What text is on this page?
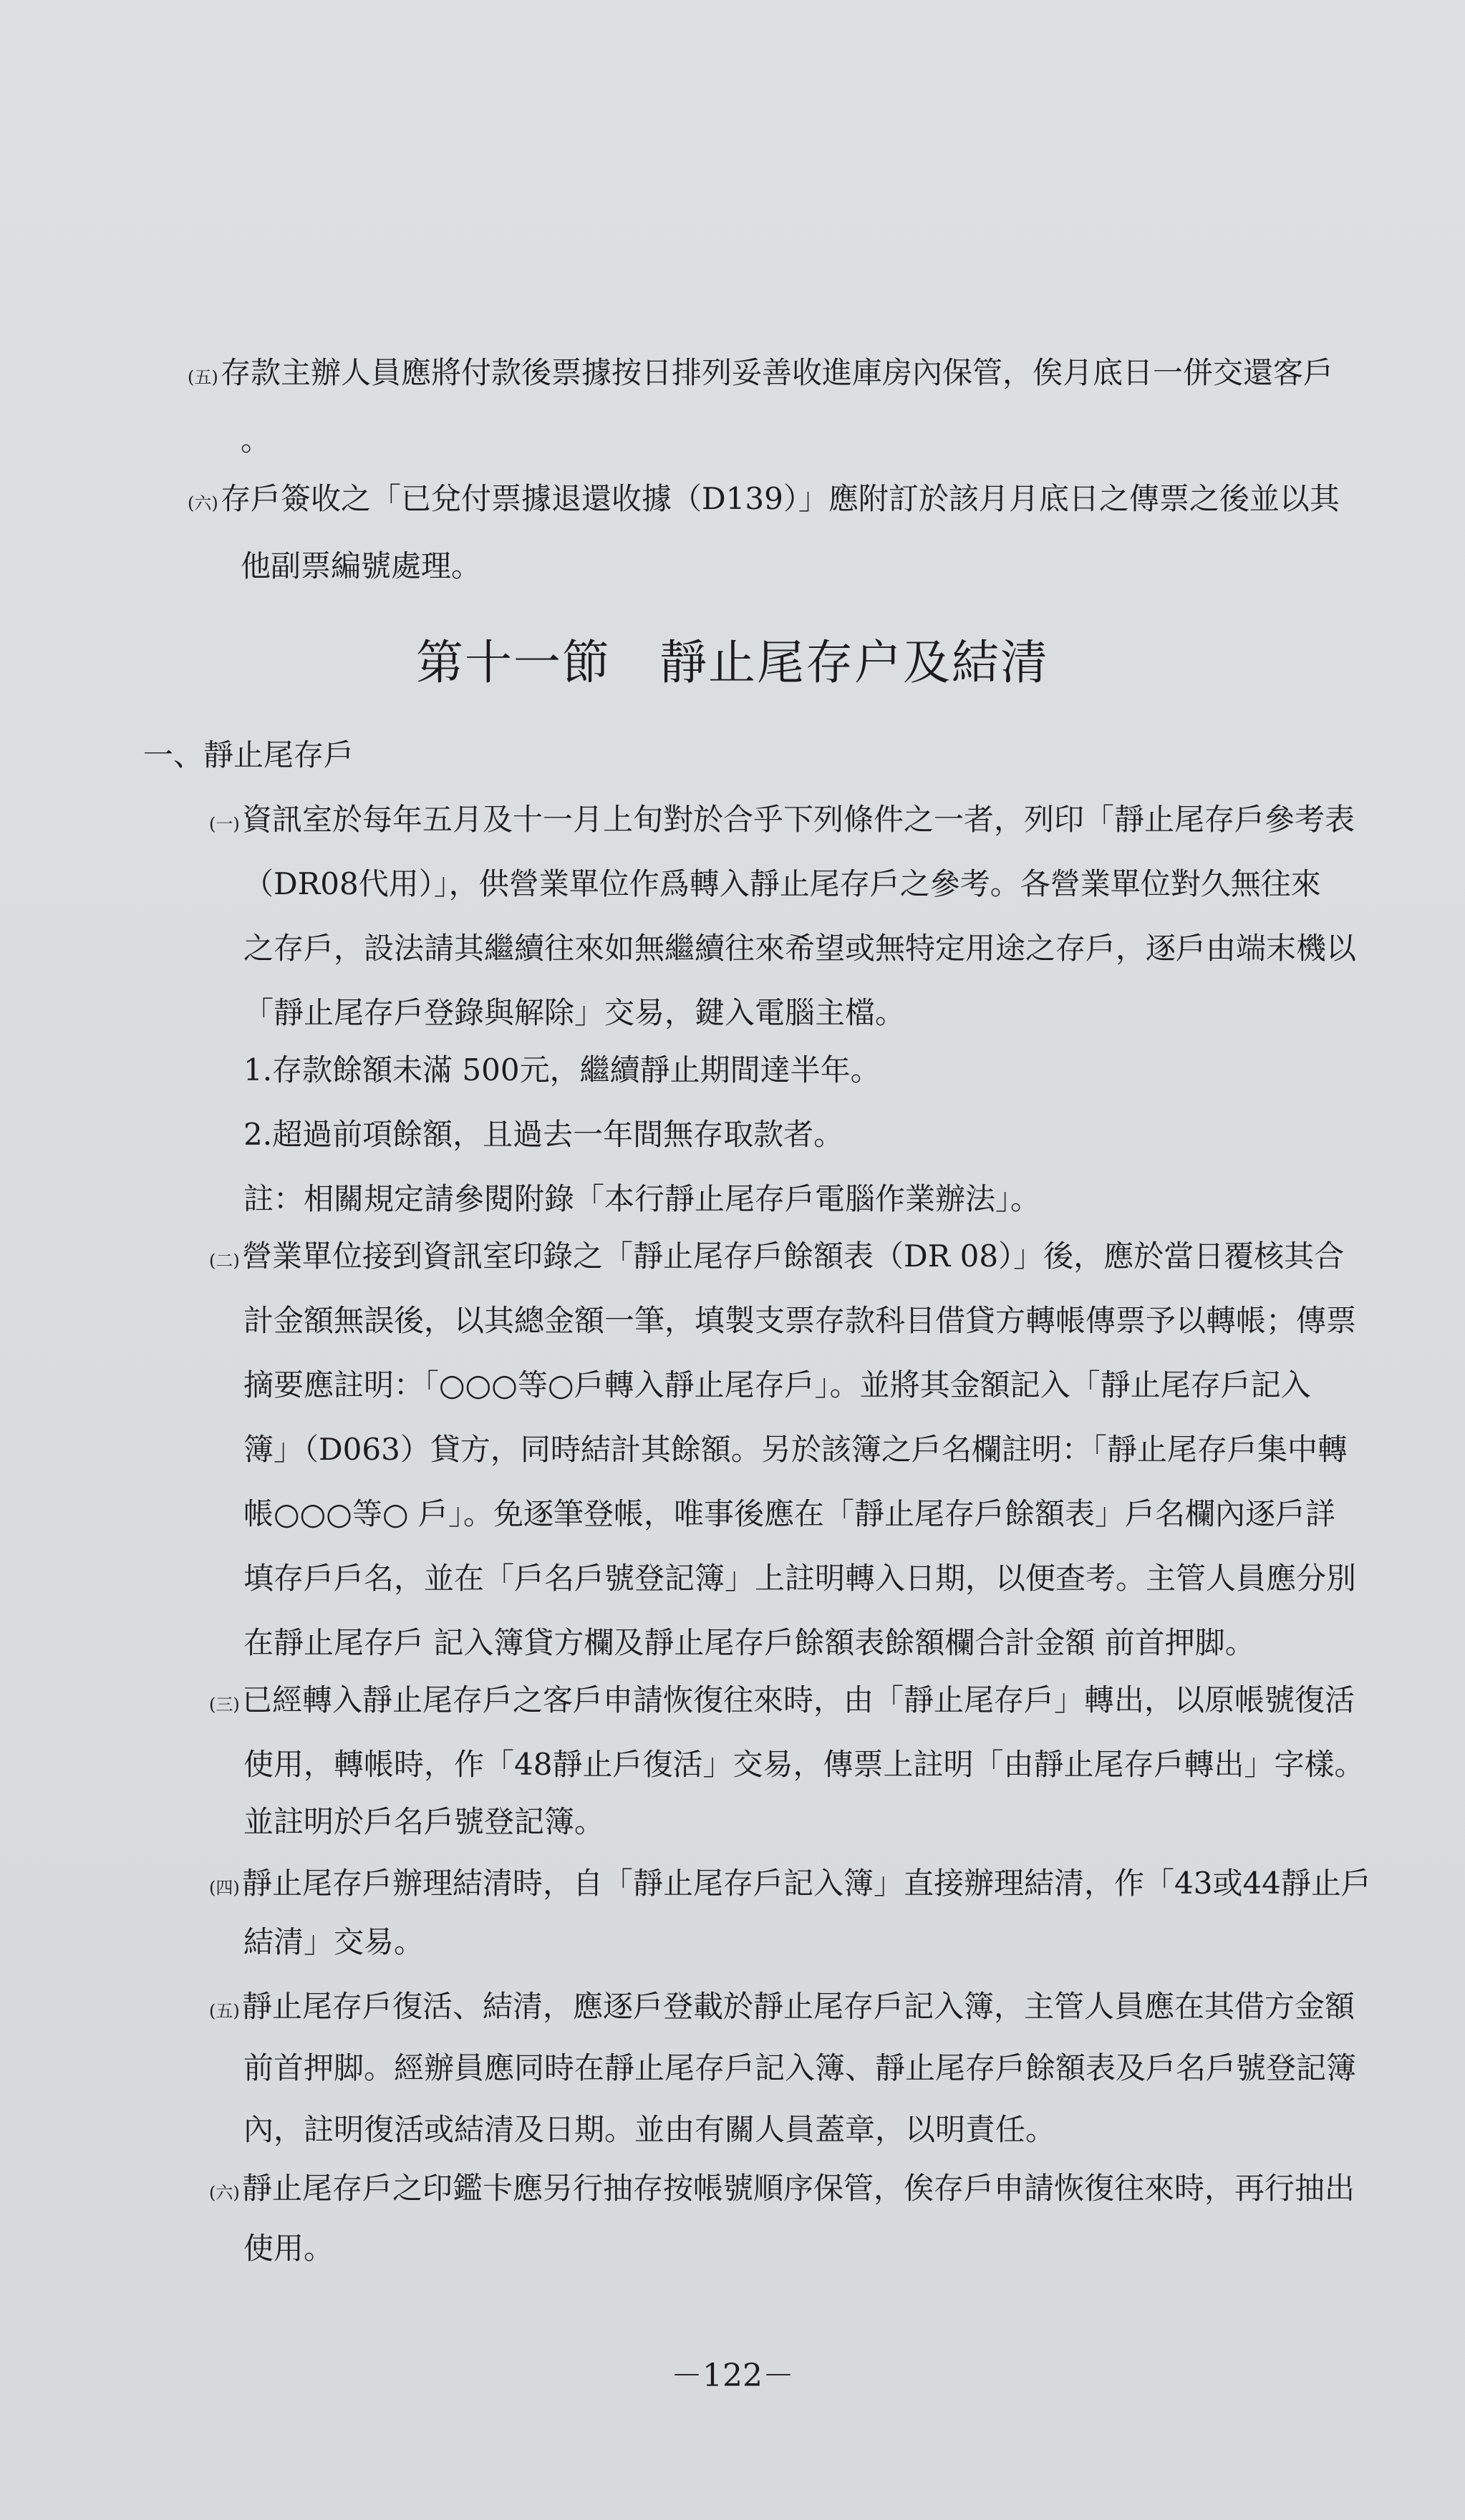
(五)存款主辦人員應將付款後票據按日排列妥善收進庫房內保管，俟月底日一併交還客戶
。
(六)存戶簽收之「已兌付票據退還收據（D139）」應附訂於該月月底日之傳票之後並以其
他副票編號處理。
第十一節　靜止尾存户及結清
一、靜止尾存戶
(一)資訊室於每年五月及十一月上旬對於合乎下列條件之一者，列印「靜止尾存戶參考表
（DR08代用）」，供營業單位作爲轉入靜止尾存戶之參考。各營業單位對久無往來
之存戶，設法請其繼續往來如無繼續往來希望或無特定用途之存戶，逐戶由端末機以
「靜止尾存戶登錄與解除」交易，鍵入電腦主檔。
1.存款餘額未滿 500元，繼續靜止期間達半年。
2.超過前項餘額，且過去一年間無存取款者。
註：相關規定請參閱附錄「本行靜止尾存戶電腦作業辦法」。
(二)營業單位接到資訊室印錄之「靜止尾存戶餘額表（DR 08）」後，應於當日覆核其合
計金額無誤後，以其總金額一筆，填製支票存款科目借貸方轉帳傳票予以轉帳；傳票
摘要應註明：「○○○等○戶轉入靜止尾存戶」。並將其金額記入「靜止尾存戶記入
簿」（D063）貸方，同時結計其餘額。另於該簿之戶名欄註明：「靜止尾存戶集中轉
帳○○○等○ 戶」。免逐筆登帳，唯事後應在「靜止尾存戶餘額表」戶名欄內逐戶詳
填存戶戶名，並在「戶名戶號登記簿」上註明轉入日期，以便查考。主管人員應分別
在靜止尾存戶 記入簿貸方欄及靜止尾存戶餘額表餘額欄合計金額 前首押脚。
(三)已經轉入靜止尾存戶之客戶申請恢復往來時，由「靜止尾存戶」轉出，以原帳號復活
使用，轉帳時，作「48靜止戶復活」交易，傳票上註明「由靜止尾存戶轉出」字樣。
並註明於戶名戶號登記簿。
(四)靜止尾存戶辦理結清時，自「靜止尾存戶記入簿」直接辦理結清，作「43或44靜止戶
結清」交易。
(五)靜止尾存戶復活、結清，應逐戶登載於靜止尾存戶記入簿，主管人員應在其借方金額
前首押脚。經辦員應同時在靜止尾存戶記入簿、靜止尾存戶餘額表及戶名戶號登記簿
內，註明復活或結清及日期。並由有關人員蓋章，以明責任。
(六)靜止尾存戶之印鑑卡應另行抽存按帳號順序保管，俟存戶申請恢復往來時，再行抽出
使用。
－122－
